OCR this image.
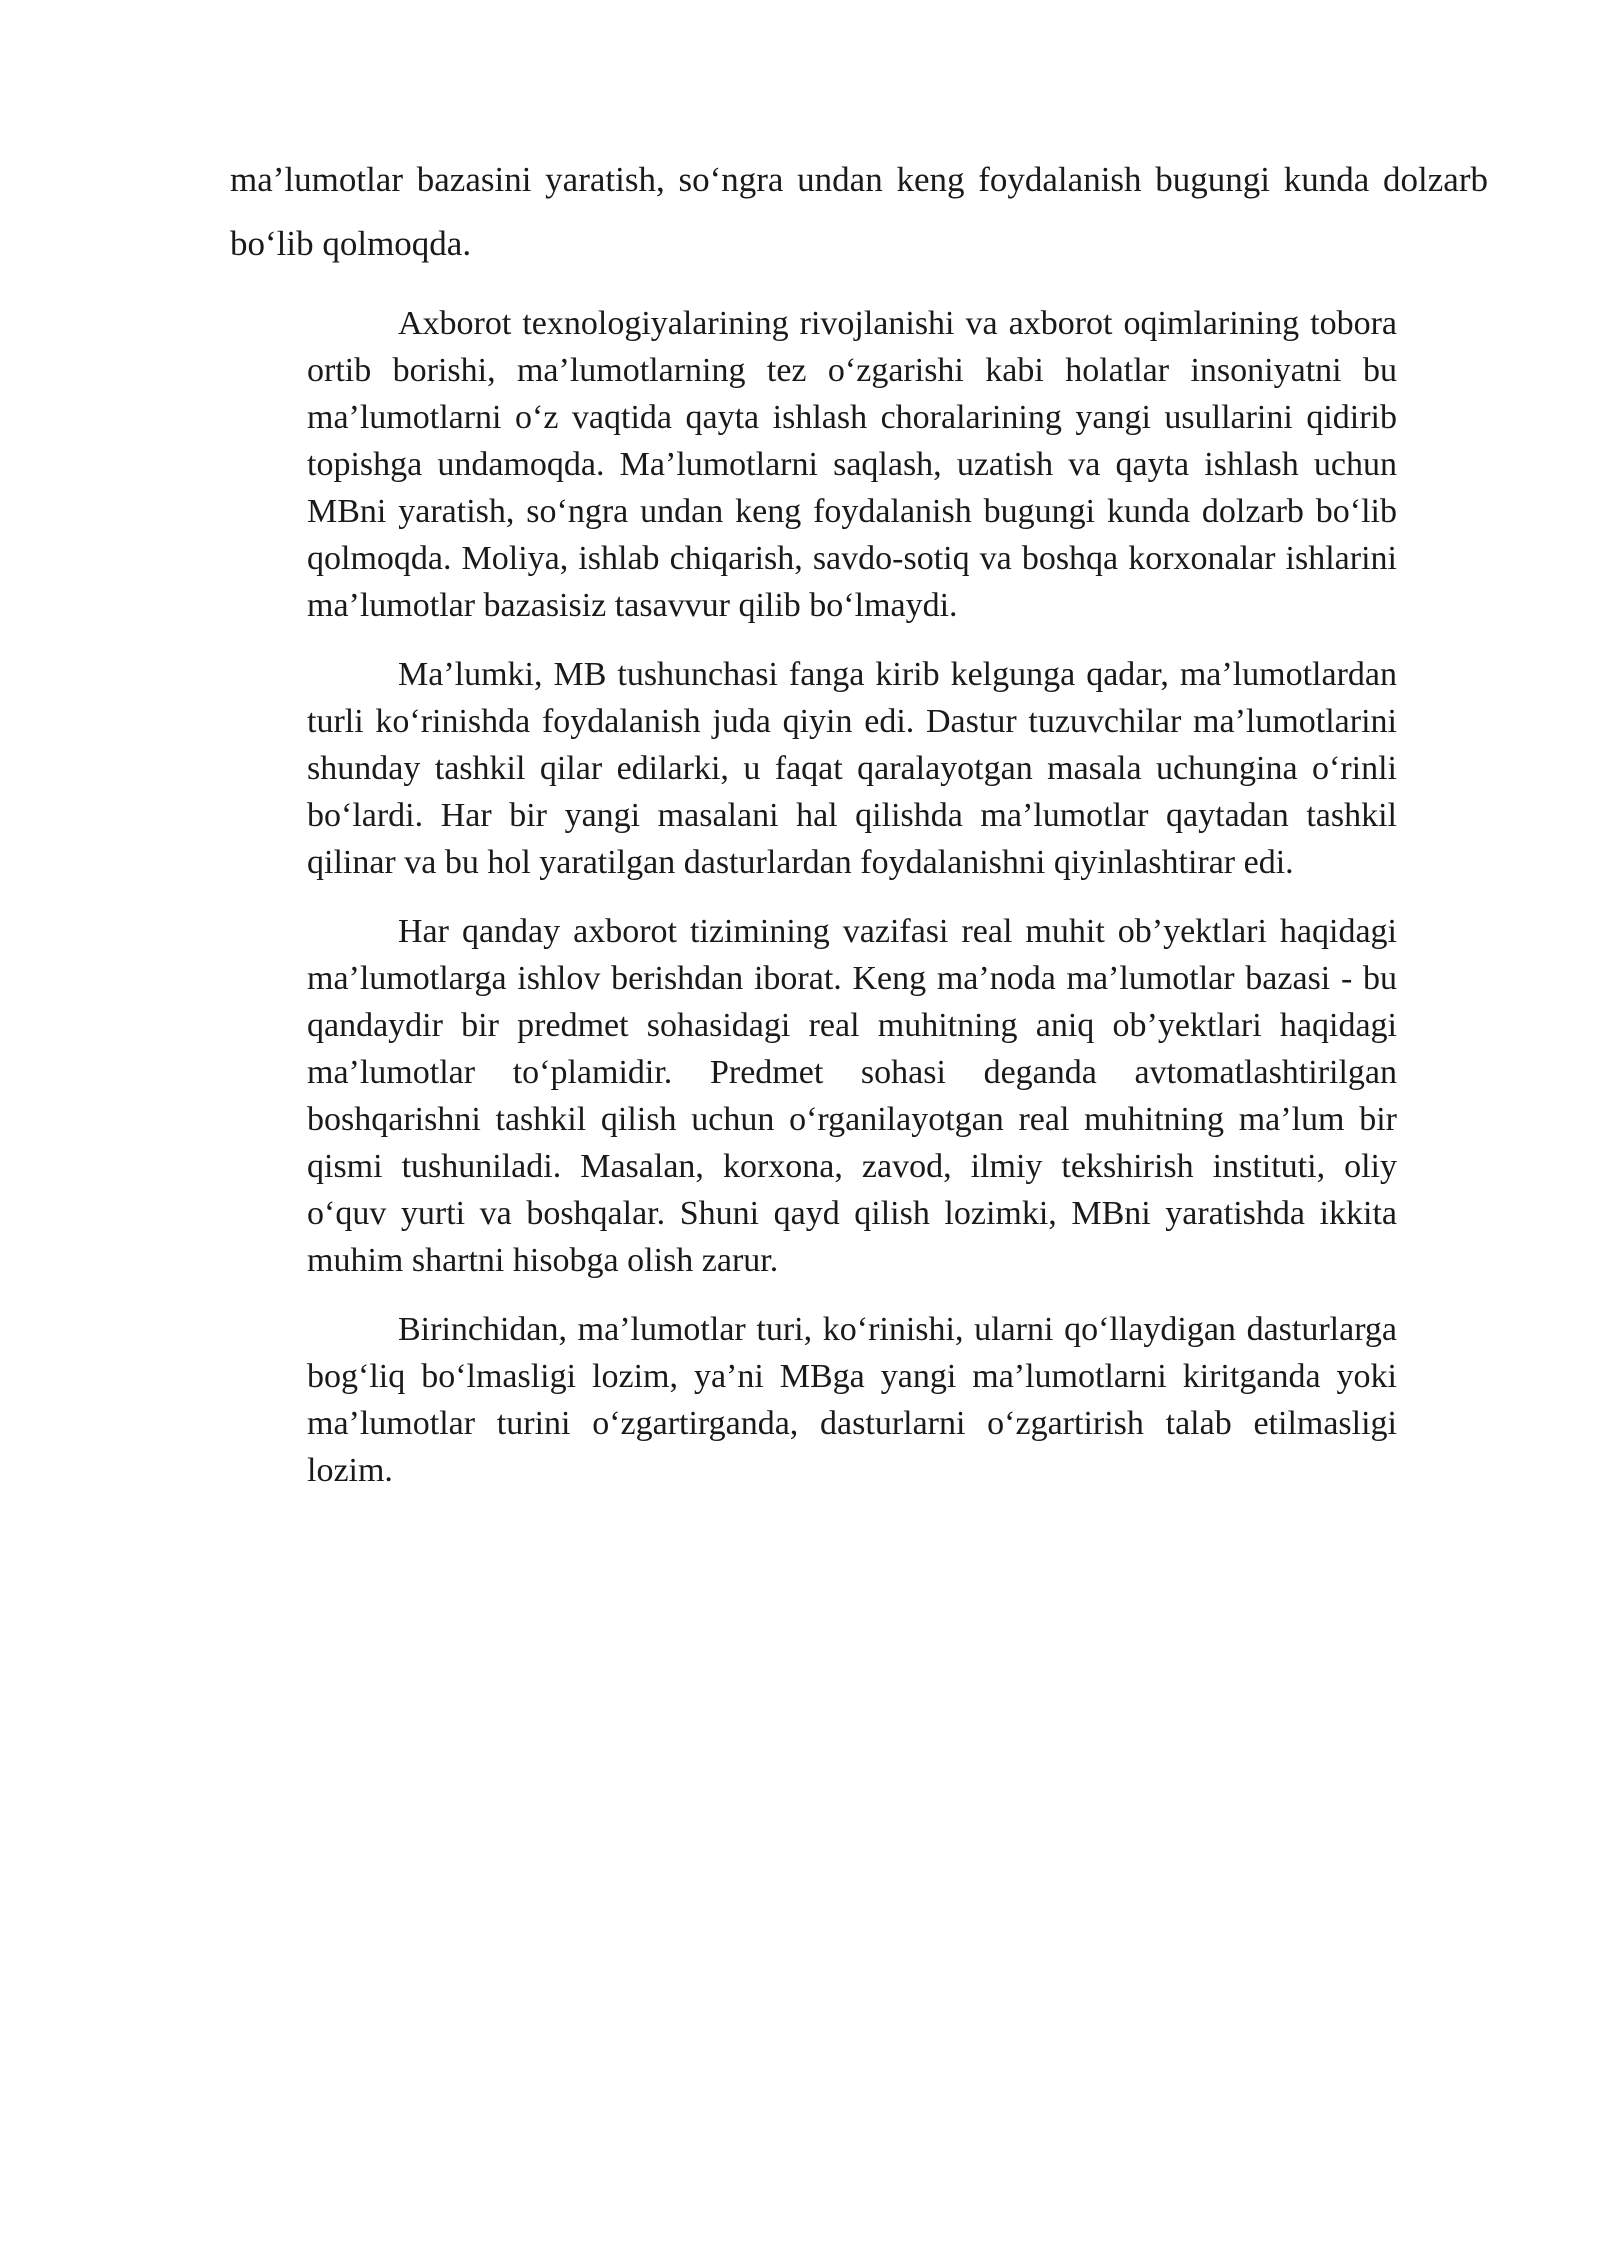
ma’lumotlar bazasini yaratish, so‘ngra undan keng foydalanish bugungi kunda dolzarb bo‘lib qolmoqda.

Axborot texnologiyalarining rivojlanishi va axborot oqimlarining tobora ortib borishi, ma’lumotlarning tez o‘zgarishi kabi holatlar insoniyatni bu ma’lumotlarni o‘z vaqtida qayta ishlash choralarining yangi usullarini qidirib topishga undamoqda. Ma’lumotlarni saqlash, uzatish va qayta ishlash uchun MBni yaratish, so‘ngra undan keng foydalanish bugungi kunda dolzarb bo‘lib qolmoqda. Moliya, ishlab chiqarish, savdo-sotiq va boshqa korxonalar ishlarini ma’lumotlar bazasisiz tasavvur qilib bo‘lmaydi.

Ma’lumki, MB tushunchasi fanga kirib kelgunga qadar, ma’lumotlardan turli ko‘rinishda foydalanish juda qiyin edi. Dastur tuzuvchilar ma’lumotlarini shunday tashkil qilar edilarki, u faqat qaralayotgan masala uchungina o‘rinli bo‘lardi. Har bir yangi masalani hal qilishda ma’lumotlar qaytadan tashkil qilinar va bu hol yaratilgan dasturlardan foydalanishni qiyinlashtirar edi.

Har qanday axborot tizimining vazifasi real muhit ob’yektlari haqidagi ma’lumotlarga ishlov berishdan iborat. Keng ma’noda ma’lumotlar bazasi - bu qandaydir bir predmet sohasidagi real muhitning aniq ob’yektlari haqidagi ma’lumotlar to‘plamidir. Predmet sohasi deganda avtomatlashtirilgan boshqarishni tashkil qilish uchun o‘rganilayotgan real muhitning ma’lum bir qismi tushuniladi. Masalan, korxona, zavod, ilmiy tekshirish instituti, oliy o‘quv yurti va boshqalar. Shuni qayd qilish lozimki, MBni yaratishda ikkita muhim shartni hisobga olish zarur.

Birinchidan, ma’lumotlar turi, ko‘rinishi, ularni qo‘llaydigan dasturlarga bog‘liq bo‘lmasligi lozim, ya’ni MBga yangi ma’lumotlarni kiritganda yoki ma’lumotlar turini o‘zgartirganda, dasturlarni o‘zgartirish talab etilmasligi lozim.
